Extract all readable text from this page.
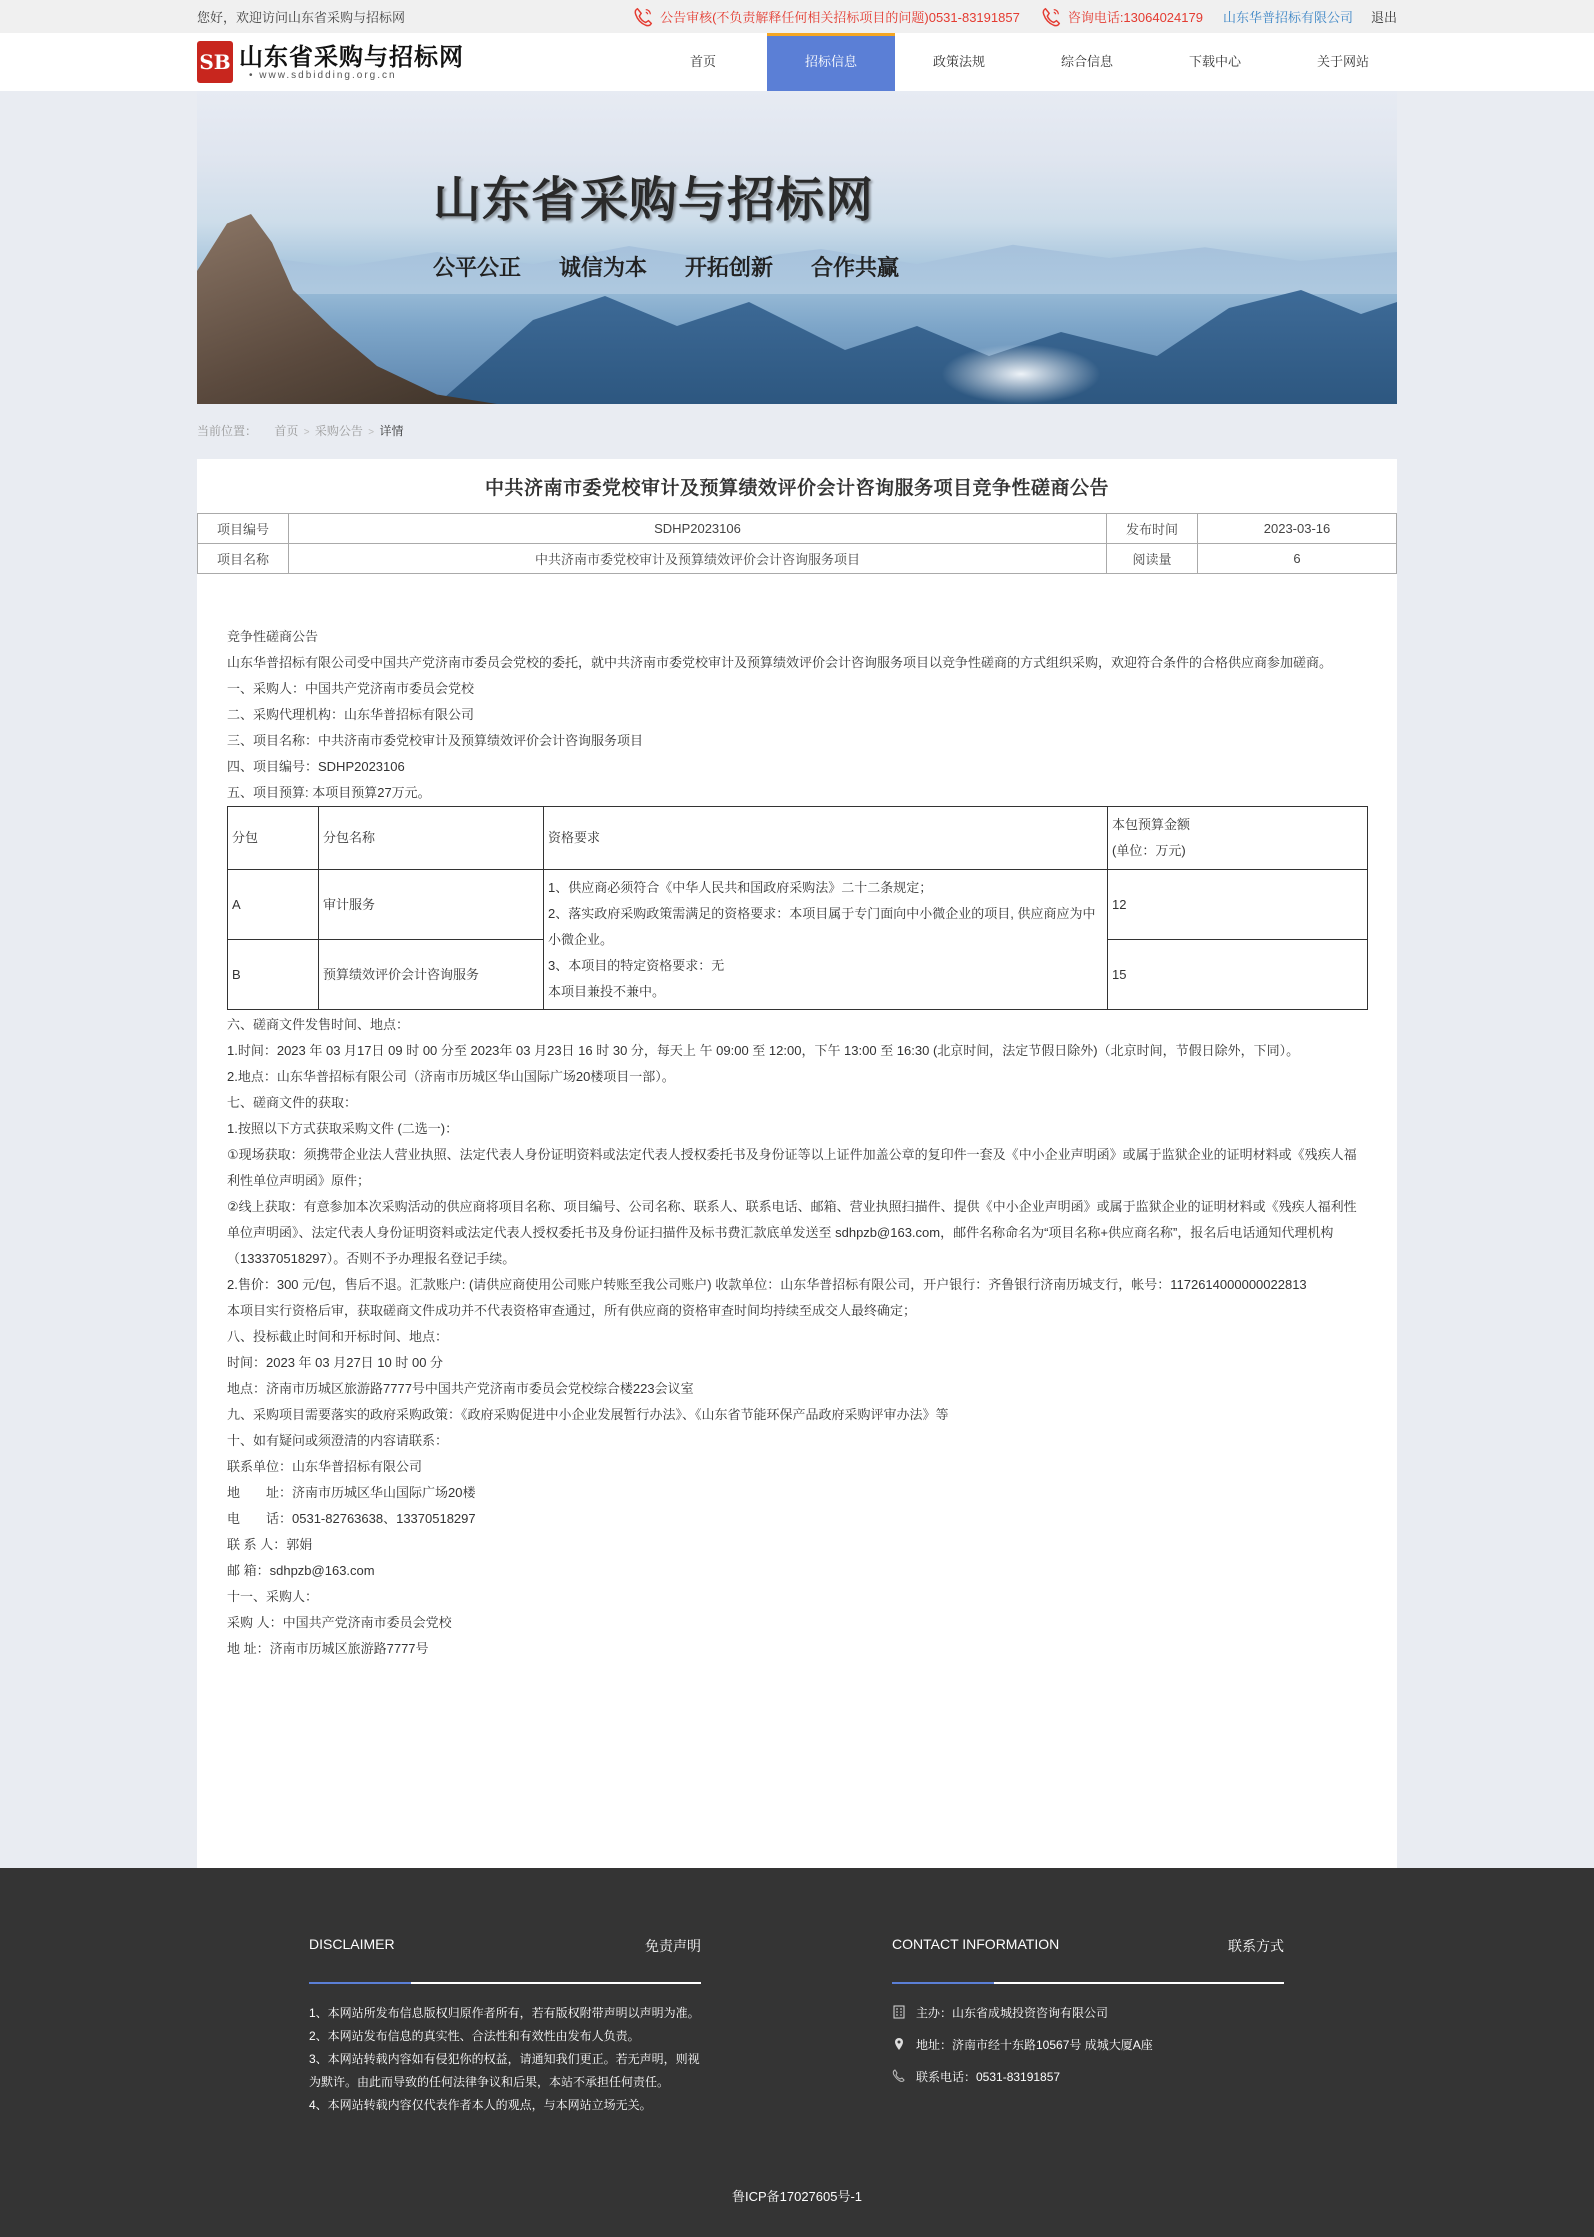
您好，欢迎访问山东省采购与招标网	公告审核(不负责解释任何相关招标项目的问题)0531-83191857	咨询电话:13064024179 山东华普招标有限公司 退出
SB 山东省采购与招标网
• www.sdbidding.org.cn
首页	招标信息	政策法规	综合信息	下载中心	关于网站
山东省采购与招标网
公平公正 诚信为本 开拓创新 合作共赢
当前位置： 首页 > 采购公告 > 详情
中共济南市委党校审计及预算绩效评价会计咨询服务项目竞争性磋商公告
项目编号	SDHP2023106	发布时间	2023-03-16
项目名称	中共济南市委党校审计及预算绩效评价会计咨询服务项目	阅读量	6

竞争性磋商公告

山东华普招标有限公司受中国共产党济南市委员会党校的委托，就中共济南市委党校审计及预算绩效评价会计咨询服务项目以竞争性磋商的方式组织采购，欢迎符合条件的合格供应商参加磋商。

一、采购人：中国共产党济南市委员会党校

二、采购代理机构：山东华普招标有限公司

三、项目名称：中共济南市委党校审计及预算绩效评价会计咨询服务项目

四、项目编号：SDHP2023106

五、项目预算: 本项目预算27万元。

分包	分包名称	资格要求	本包预算金额
(单位：万元)

A	审计服务	1、供应商必须符合《中华人民共和国政府采购法》二十二条规定；
2、落实政府采购政策需满足的资格要求：本项目属于专门面向中小微企业的项目, 供应商应为中小微企业。
3、本项目的特定资格要求：无
本项目兼投不兼中。	12
B	预算绩效评价会计咨询服务		15

六、磋商文件发售时间、地点：

1.时间：2023 年 03 月17日 09 时 00 分至 2023年 03 月23日 16 时 30 分，每天上 午 09:00 至 12:00，下午 13:00 至 16:30 (北京时间，法定节假日除外)（北京时间，节假日除外，下同）。

2.地点：山东华普招标有限公司（济南市历城区华山国际广场20楼项目一部）。

七、磋商文件的获取：

1.按照以下方式获取采购文件 (二选一)：

①现场获取：须携带企业法人营业执照、法定代表人身份证明资料或法定代表人授权委托书及身份证等以上证件加盖公章的复印件一套及《中小企业声明函》或属于监狱企业的证明材料或《残疾人福利性单位声明函》原件；

②线上获取：有意参加本次采购活动的供应商将项目名称、项目编号、公司名称、联系人、联系电话、邮箱、营业执照扫描件、提供《中小企业声明函》或属于监狱企业的证明材料或《残疾人福利性单位声明函》、法定代表人身份证明资料或法定代表人授权委托书及身份证扫描件及标书费汇款底单发送至 sdhpzb@163.com，邮件名称命名为“项目名称+供应商名称”，报名后电话通知代理机构（133370518297）。否则不予办理报名登记手续。

2.售价：300 元/包，售后不退。汇款账户: (请供应商使用公司账户转账至我公司账户) 收款单位：山东华普招标有限公司，开户银行：齐鲁银行济南历城支行，帐号：1172614000000022813

本项目实行资格后审，获取磋商文件成功并不代表资格审查通过，所有供应商的资格审查时间均持续至成交人最终确定；

八、投标截止时间和开标时间、地点：

时间：2023 年 03 月27日 10 时 00 分

地点：济南市历城区旅游路7777号中国共产党济南市委员会党校综合楼223会议室

九、采购项目需要落实的政府采购政策：《政府采购促进中小企业发展暂行办法》、《山东省节能环保产品政府采购评审办法》等

十、如有疑问或须澄清的内容请联系：

联系单位：山东华普招标有限公司

地　　址：济南市历城区华山国际广场20楼

电　　话：0531-82763638、13370518297

联 系 人：郭娟

邮 箱：sdhpzb@163.com

十一、采购人：

采购 人：中国共产党济南市委员会党校

地 址：济南市历城区旅游路7777号

DISCLAIMER	免责声明

1、本网站所发布信息版权归原作者所有，若有版权附带声明以声明为准。

2、本网站发布信息的真实性、合法性和有效性由发布人负责。

3、本网站转载内容如有侵犯你的权益，请通知我们更正。若无声明，则视为默许。由此而导致的任何法律争议和后果，本站不承担任何责任。

4、本网站转载内容仅代表作者本人的观点，与本网站立场无关。

CONTACT INFORMATION	联系方式
主办：山东省成城投资咨询有限公司
地址：济南市经十东路10567号 成城大厦A座
联系电话：0531-83191857
鲁ICP备17027605号-1
